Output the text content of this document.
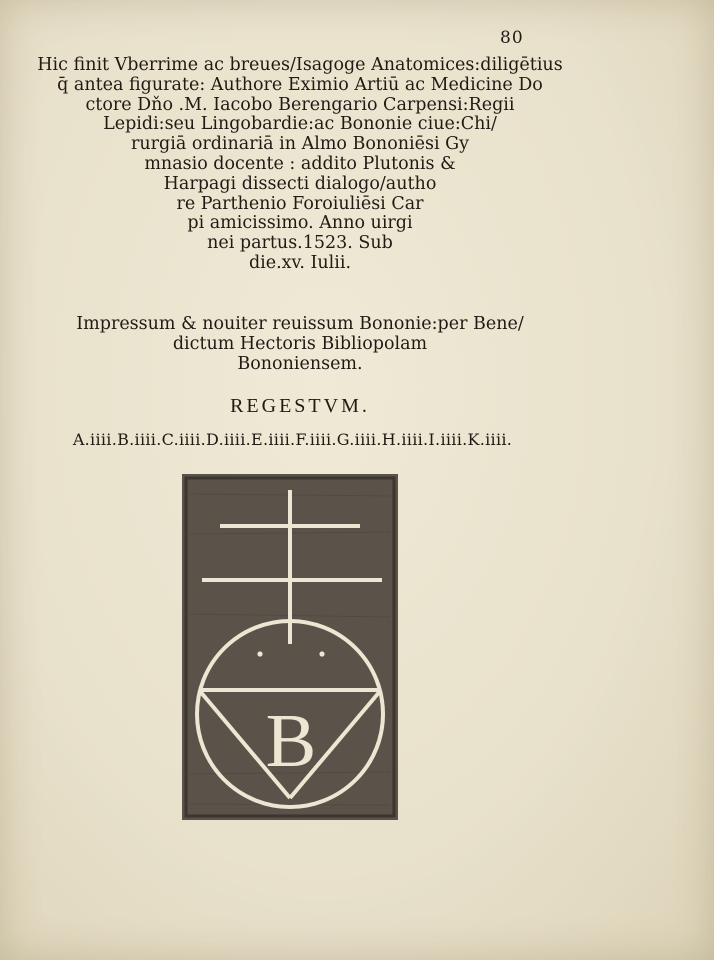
80
Hic finit Vberrime ac breues/Isagoge Anatomices:diligētius
q̄ antea figurate: Authore Eximio Artiū ac Medicine Do
ctore Dňo .M. Iacobo Berengario Carpensi:Regii
Lepidi:seu Lingobardie:ac Bononie ciue:Chi/
rurgiā ordinariā in Almo Bononiēsi Gy
mnasio docente : addito Plutonis &
Harpagi dissecti dialogo/autho
re Parthenio Foroiuliēsi Car
pi amicissimo. Anno uirgi
nei partus.1523. Sub
die.xv. Iulii.
Impressum & nouiter reuissum Bononie:per Bene/
dictum Hectoris Bibliopolam
Bononiensem.
REGESTVM.
A.iiii.B.iiii.C.iiii.D.iiii.E.iiii.F.iiii.G.iiii.H.iiii.I.iiii.K.iiii.
B
